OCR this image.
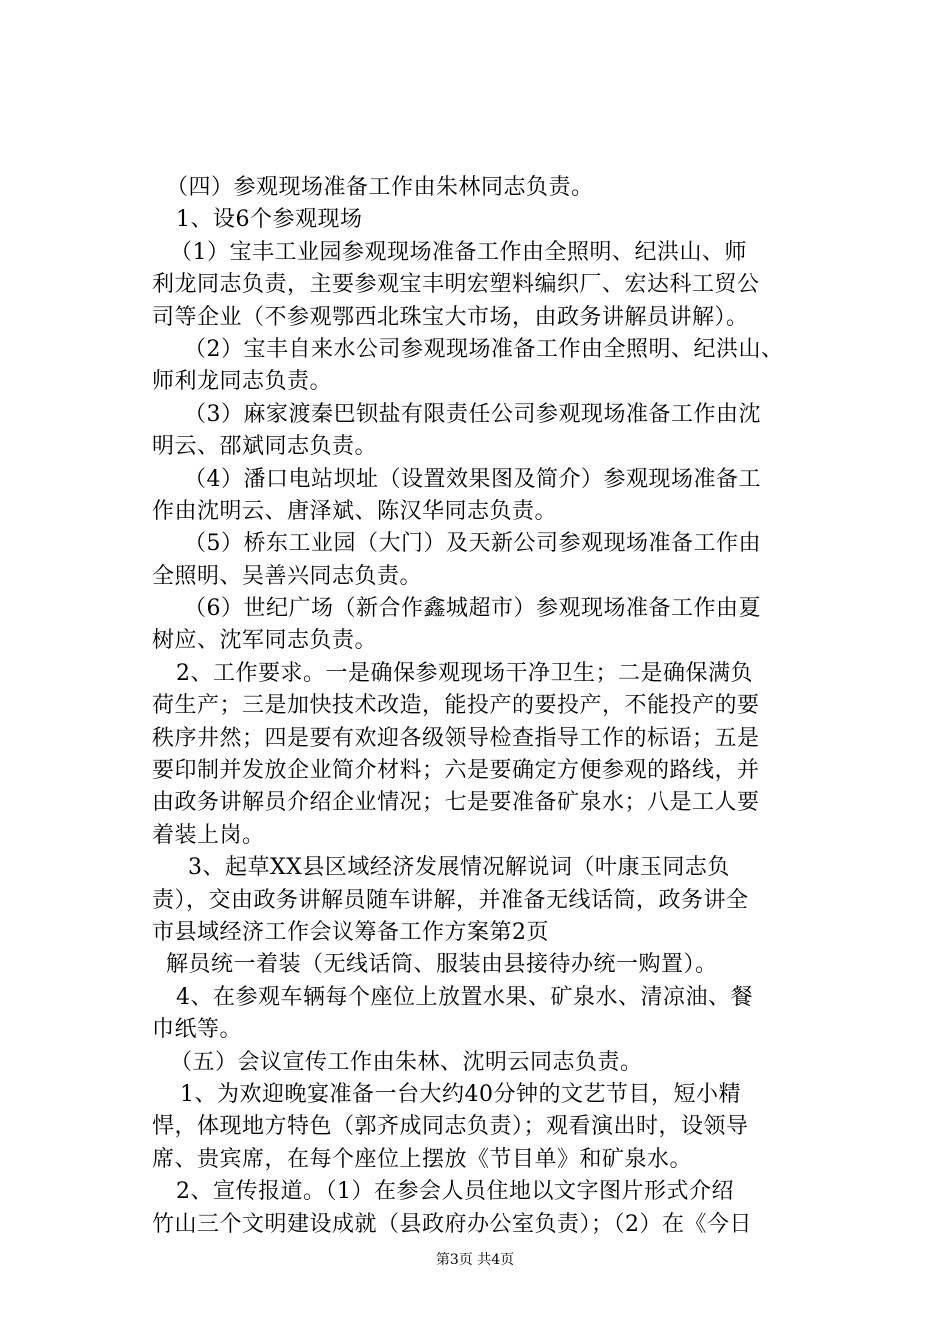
（四）参观现场准备工作由朱林同志负责。
1、设6个参观现场
（1）宝丰工业园参观现场准备工作由全照明、纪洪山、师
利龙同志负责，主要参观宝丰明宏塑料编织厂、宏达科工贸公
司等企业（不参观鄂西北珠宝大市场，由政务讲解员讲解）。
（2）宝丰自来水公司参观现场准备工作由全照明、纪洪山、
师利龙同志负责。
（3）麻家渡秦巴钡盐有限责任公司参观现场准备工作由沈
明云、邵斌同志负责。
（4）潘口电站坝址（设置效果图及简介）参观现场准备工
作由沈明云、唐泽斌、陈汉华同志负责。
（5）桥东工业园（大门）及天新公司参观现场准备工作由
全照明、吴善兴同志负责。
（6）世纪广场（新合作鑫城超市）参观现场准备工作由夏
树应、沈军同志负责。
2、工作要求。一是确保参观现场干净卫生；二是确保满负
荷生产；三是加快技术改造，能投产的要投产，不能投产的要
秩序井然；四是要有欢迎各级领导检查指导工作的标语；五是
要印制并发放企业简介材料；六是要确定方便参观的路线，并
由政务讲解员介绍企业情况；七是要准备矿泉水；八是工人要
着装上岗。
3、起草XX县区域经济发展情况解说词（叶康玉同志负
责），交由政务讲解员随车讲解，并准备无线话筒，政务讲全
市县域经济工作会议筹备工作方案第2页
解员统一着装（无线话筒、服装由县接待办统一购置）。
4、在参观车辆每个座位上放置水果、矿泉水、清凉油、餐
巾纸等。
（五）会议宣传工作由朱林、沈明云同志负责。
1、为欢迎晚宴准备一台大约40分钟的文艺节目，短小精
悍，体现地方特色（郭齐成同志负责）；观看演出时，设领导
席、贵宾席，在每个座位上摆放《节目单》和矿泉水。
2、宣传报道。（1）在参会人员住地以文字图片形式介绍
竹山三个文明建设成就（县政府办公室负责）；（2）在《今日
第3页 共4页
